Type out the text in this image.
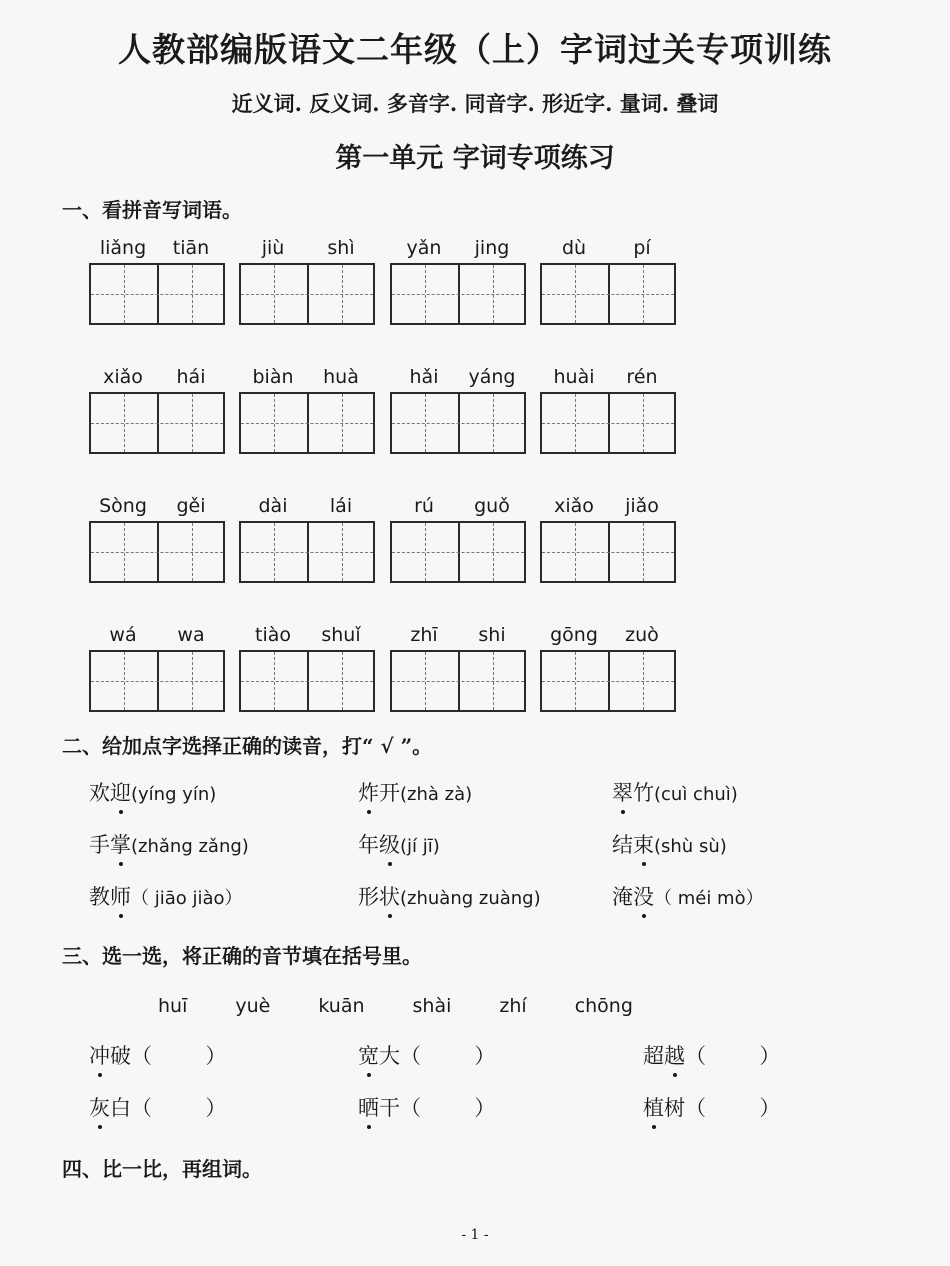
人教部编版语文二年级（上）字词过关专项训练
近义词. 反义词. 多音字. 同音字. 形近字. 量词. 叠词
第一单元 字词专项练习
一、看拼音写词语。
liǎng	tiān	jiù	shì	yǎn	jing	dù	pí
xiǎo	hái	biàn	huà	hǎi	yáng	huài	rén
Sòng	gěi	dài	lái	rú	guǒ	xiǎo	jiǎo
wá	wa	tiào	shuǐ	zhī	shi	gōng	zuò
二、给加点字选择正确的读音，打“ √ ”。
欢迎(yíng yín)	炸开(zhà zà)	翠竹(cuì chuì)
手掌(zhǎng zǎng)	年级(jí jī)	结束(shù sù)
教师（ jiāo jiào）	形状(zhuàng zuàng)	淹没（ méi mò）
三、选一选，将正确的音节填在括号里。
huī	yuè	kuān	shài	zhí	chōng
冲破（        ）	宽大（        ）	超越（        ）
灰白（        ）	晒干（        ）	植树（        ）
四、比一比，再组词。
- 1 -
